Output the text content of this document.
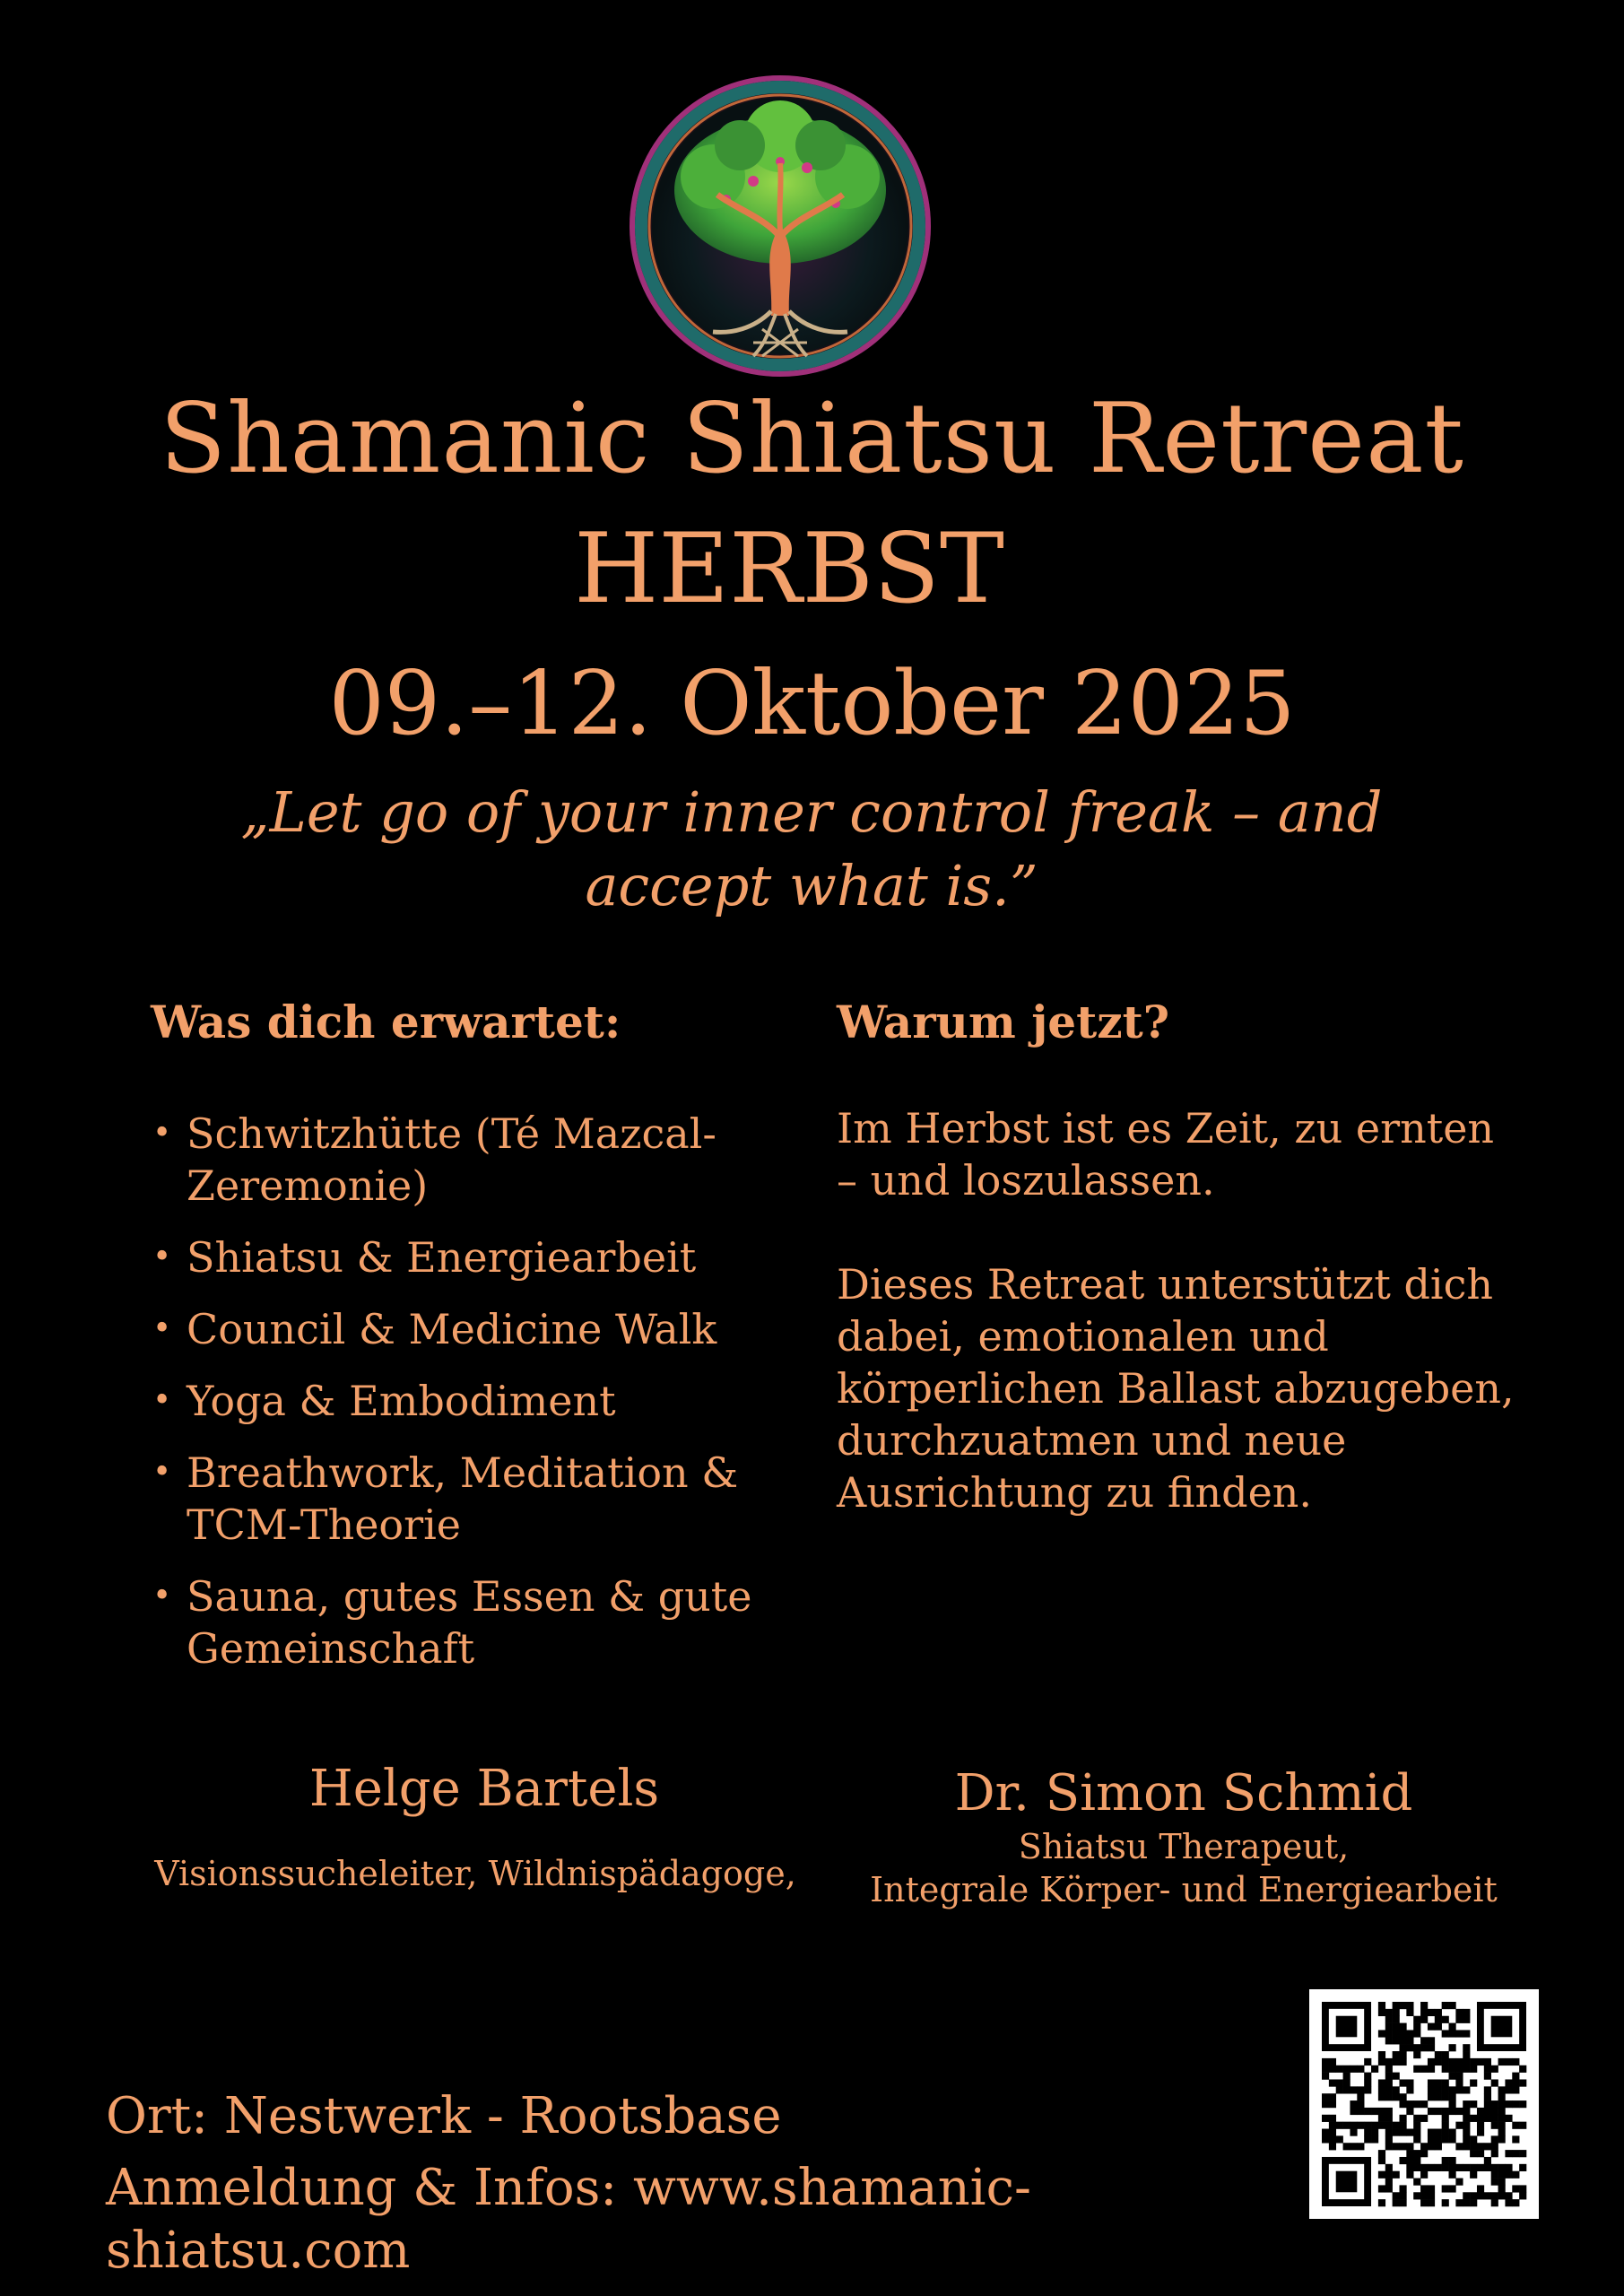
Shamanic Shiatsu Retreat
HERBST
09.–12. Oktober 2025
„Let go of your inner control freak – and accept what is.”
Was dich erwartet:
• Schwitzhütte (Té Mazcal-Zeremonie)
• Shiatsu & Energiearbeit
• Council & Medicine Walk
• Yoga & Embodiment
• Breathwork, Meditation & TCM-Theorie
• Sauna, gutes Essen & gute Gemeinschaft
Warum jetzt?
Im Herbst ist es Zeit, zu ernten – und loszulassen.
Dieses Retreat unterstützt dich dabei, emotionalen und körperlichen Ballast abzugeben, durchzuatmen und neue Ausrichtung zu finden.
Helge Bartels
Visionssucheleiter, Wildnispädagoge,
Dr. Simon Schmid
Shiatsu Therapeut,
Integrale Körper- und Energiearbeit
Ort: Nestwerk - Rootsbase
Anmeldung & Infos: www.shamanic-shiatsu.com
